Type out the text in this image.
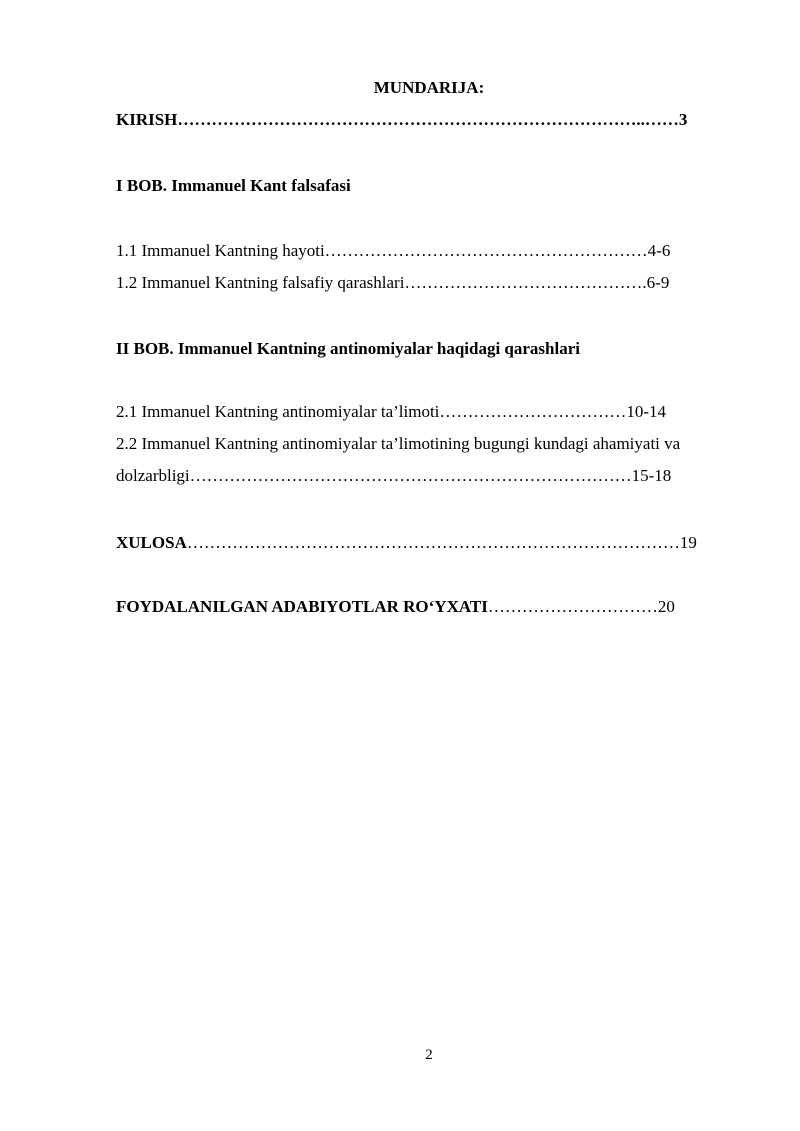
MUNDARIJA:
KIRISH………………………………………………………………………..……3
I BOB. Immanuel Kant falsafasi
1.1 Immanuel Kantning hayoti…………………………………………………4-6
1.2 Immanuel Kantning falsafiy qarashlari…………………………………….6-9
II BOB. Immanuel Kantning antinomiyalar haqidagi qarashlari
2.1 Immanuel Kantning antinomiyalar ta’limoti……………………………10-14
2.2 Immanuel Kantning antinomiyalar ta’limotining bugungi kundagi ahamiyati va
dolzarbligi……………………………………………………………………15-18
XULOSA……………………………………………………………………………19
FOYDALANILGAN ADABIYOTLAR RO‘YXATI…………………………20
2
